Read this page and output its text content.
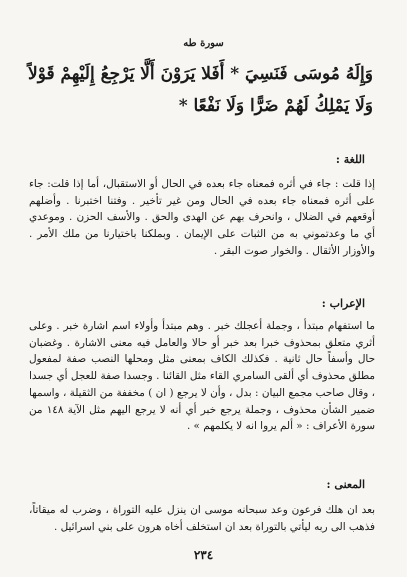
سورة طه
وَإِلَهُ مُوسَى فَنَسِيَ * أَفَلا يَرَوْنَ أَلَّا يَرْجِعُ إِلَيْهِمْ قَوْلاً وَلَا يَمْلِكُ لَهُمْ ضَرًّا وَلَا نَفْعًا *
اللغة :
إذا قلت : جاء في أثره فمعناه جاء بعده في الحال أو الاستقبال، أما إذا قلت: جاء على أثره فمعناه جاء بعده في الحال ومن غير تأخير . وفتنا اختبرنا . وأضلهم أوقعهم في الضلال ، وانحرف بهم عن الهدى والحق . والأسف الحزن . وموعدي أي ما وعدتموني به من الثبات على الإيمان . وبملكنا باختيارنا من ملك الأمر . والأوزار الأثقال . والخوار صوت البقر .
الإعراب :
ما استفهام مبتدأ ، وجملة أعجلك خبر . وهم مبتدأ وأولاء اسم اشارة خبر . وعلى أثري متعلق بمحذوف خبرا بعد خبر أو حالا والعامل فيه معنى الاشارة . وغضبان حال وأسفاً حال ثانية . فكذلك الكاف بمعنى مثل ومحلها النصب صفة لمفعول مطلق محذوف أي ألقى السامري القاء مثل القائنا . وجسدا صفة للعجل أي جسدا ، وقال صاحب مجمع البيان : بدل ، وأن لا يرجع ( ان ) مخففة من الثقيلة ، واسمها ضمير الشأن محذوف ، وجملة يرجع خبر أي أنه لا يرجع اليهم مثل الآية ١٤٨ من سورة الأعراف : « ألم يروا انه لا يكلمهم » .
المعنى :
بعد ان هلك فرعون وعد سبحانه موسى ان ينزل عليه التوراة ، وضرب له ميقاتاً، فذهب الى ربه ليأتي بالتوراة بعد ان استخلف أخاه هرون على بني اسرائيل .
٢٣٤
